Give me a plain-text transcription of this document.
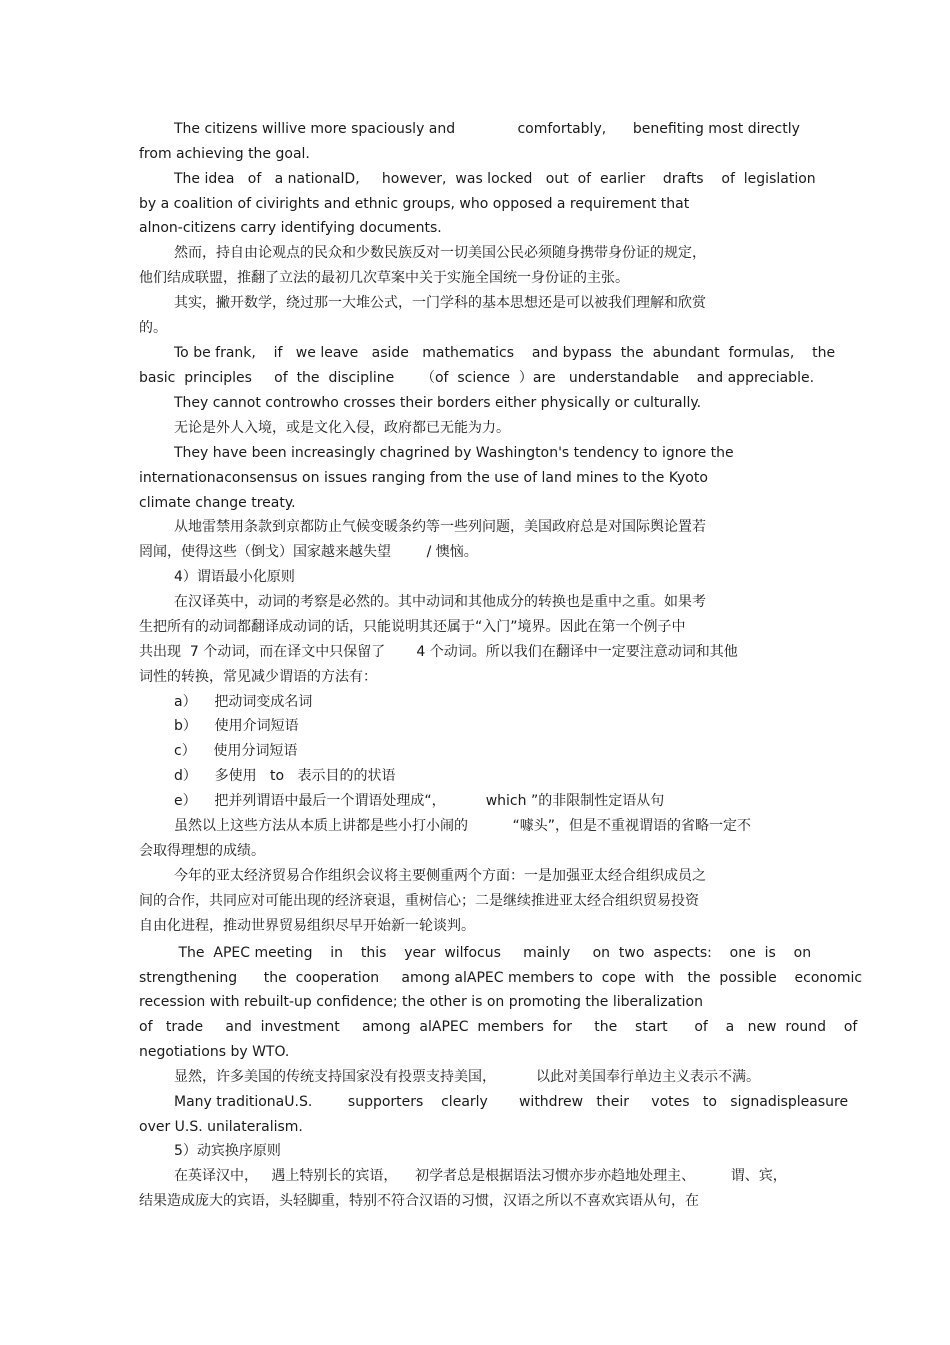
The citizens willive more spaciously and              comfortably,      benefiting most directly
from achieving the goal.
The idea   of   a nationalD,     however,  was locked   out  of  earlier    drafts    of  legislation
by a coalition of civirights and ethnic groups, who opposed a requirement that
alnon-citizens carry identifying documents.
然而，持自由论观点的民众和少数民族反对一切美国公民必须随身携带身份证的规定，
他们结成联盟，推翻了立法的最初几次草案中关于实施全国统一身份证的主张。
其实，撇开数学，绕过那一大堆公式，一门学科的基本思想还是可以被我们理解和欣赏
的。
To be frank,    if   we leave   aside   mathematics    and bypass  the  abundant  formulas,    the
basic  principles     of  the  discipline      （of  science  ）are   understandable    and appreciable.
They cannot controwho crosses their borders either physically or culturally.
无论是外人入境，或是文化入侵，政府都已无能为力。
They have been increasingly chagrined by Washington's tendency to ignore the
internationaconsensus on issues ranging from the use of land mines to the Kyoto
climate change treaty.
从地雷禁用条款到京都防止气候变暖条约等一些列问题，美国政府总是对国际舆论置若
罔闻，使得这些（倒戈）国家越来越失望        / 懊恼。
4）谓语最小化原则
在汉译英中，动词的考察是必然的。其中动词和其他成分的转换也是重中之重。如果考
生把所有的动词都翻译成动词的话，只能说明其还属于“入门”境界。因此在第一个例子中
共出现  7 个动词，而在译文中只保留了       4 个动词。所以我们在翻译中一定要注意动词和其他
词性的转换，常见减少谓语的方法有：
a）    把动词变成名词
b）    使用介词短语
c）    使用分词短语
d）    多使用   to   表示目的的状语
e）    把并列谓语中最后一个谓语处理成“，         which ”的非限制性定语从句
虽然以上这些方法从本质上讲都是些小打小闹的          “噱头”，但是不重视谓语的省略一定不
会取得理想的成绩。
今年的亚太经济贸易合作组织会议将主要侧重两个方面：一是加强亚太经合组织成员之
间的合作，共同应对可能出现的经济衰退，重树信心；二是继续推进亚太经合组织贸易投资
自由化进程，推动世界贸易组织尽早开始新一轮谈判。
The  APEC meeting    in    this    year  wilfocus     mainly     on  two  aspects:    one  is    on
strengthening      the  cooperation     among alAPEC members to  cope  with   the  possible    economic
recession with rebuilt-up confidence; the other is on promoting the liberalization
of   trade     and  investment     among  alAPEC  members  for     the    start      of    a   new  round    of
negotiations by WTO.
显然，许多美国的传统支持国家没有投票支持美国，         以此对美国奉行单边主义表示不满。
Many traditionaU.S.        supporters    clearly       withdrew   their     votes   to   signadispleasure
over U.S. unilateralism.
5）动宾换序原则
在英译汉中，   遇上特别长的宾语，    初学者总是根据语法习惯亦步亦趋地处理主、        谓、宾，
结果造成庞大的宾语，头轻脚重，特别不符合汉语的习惯，汉语之所以不喜欢宾语从句，在
